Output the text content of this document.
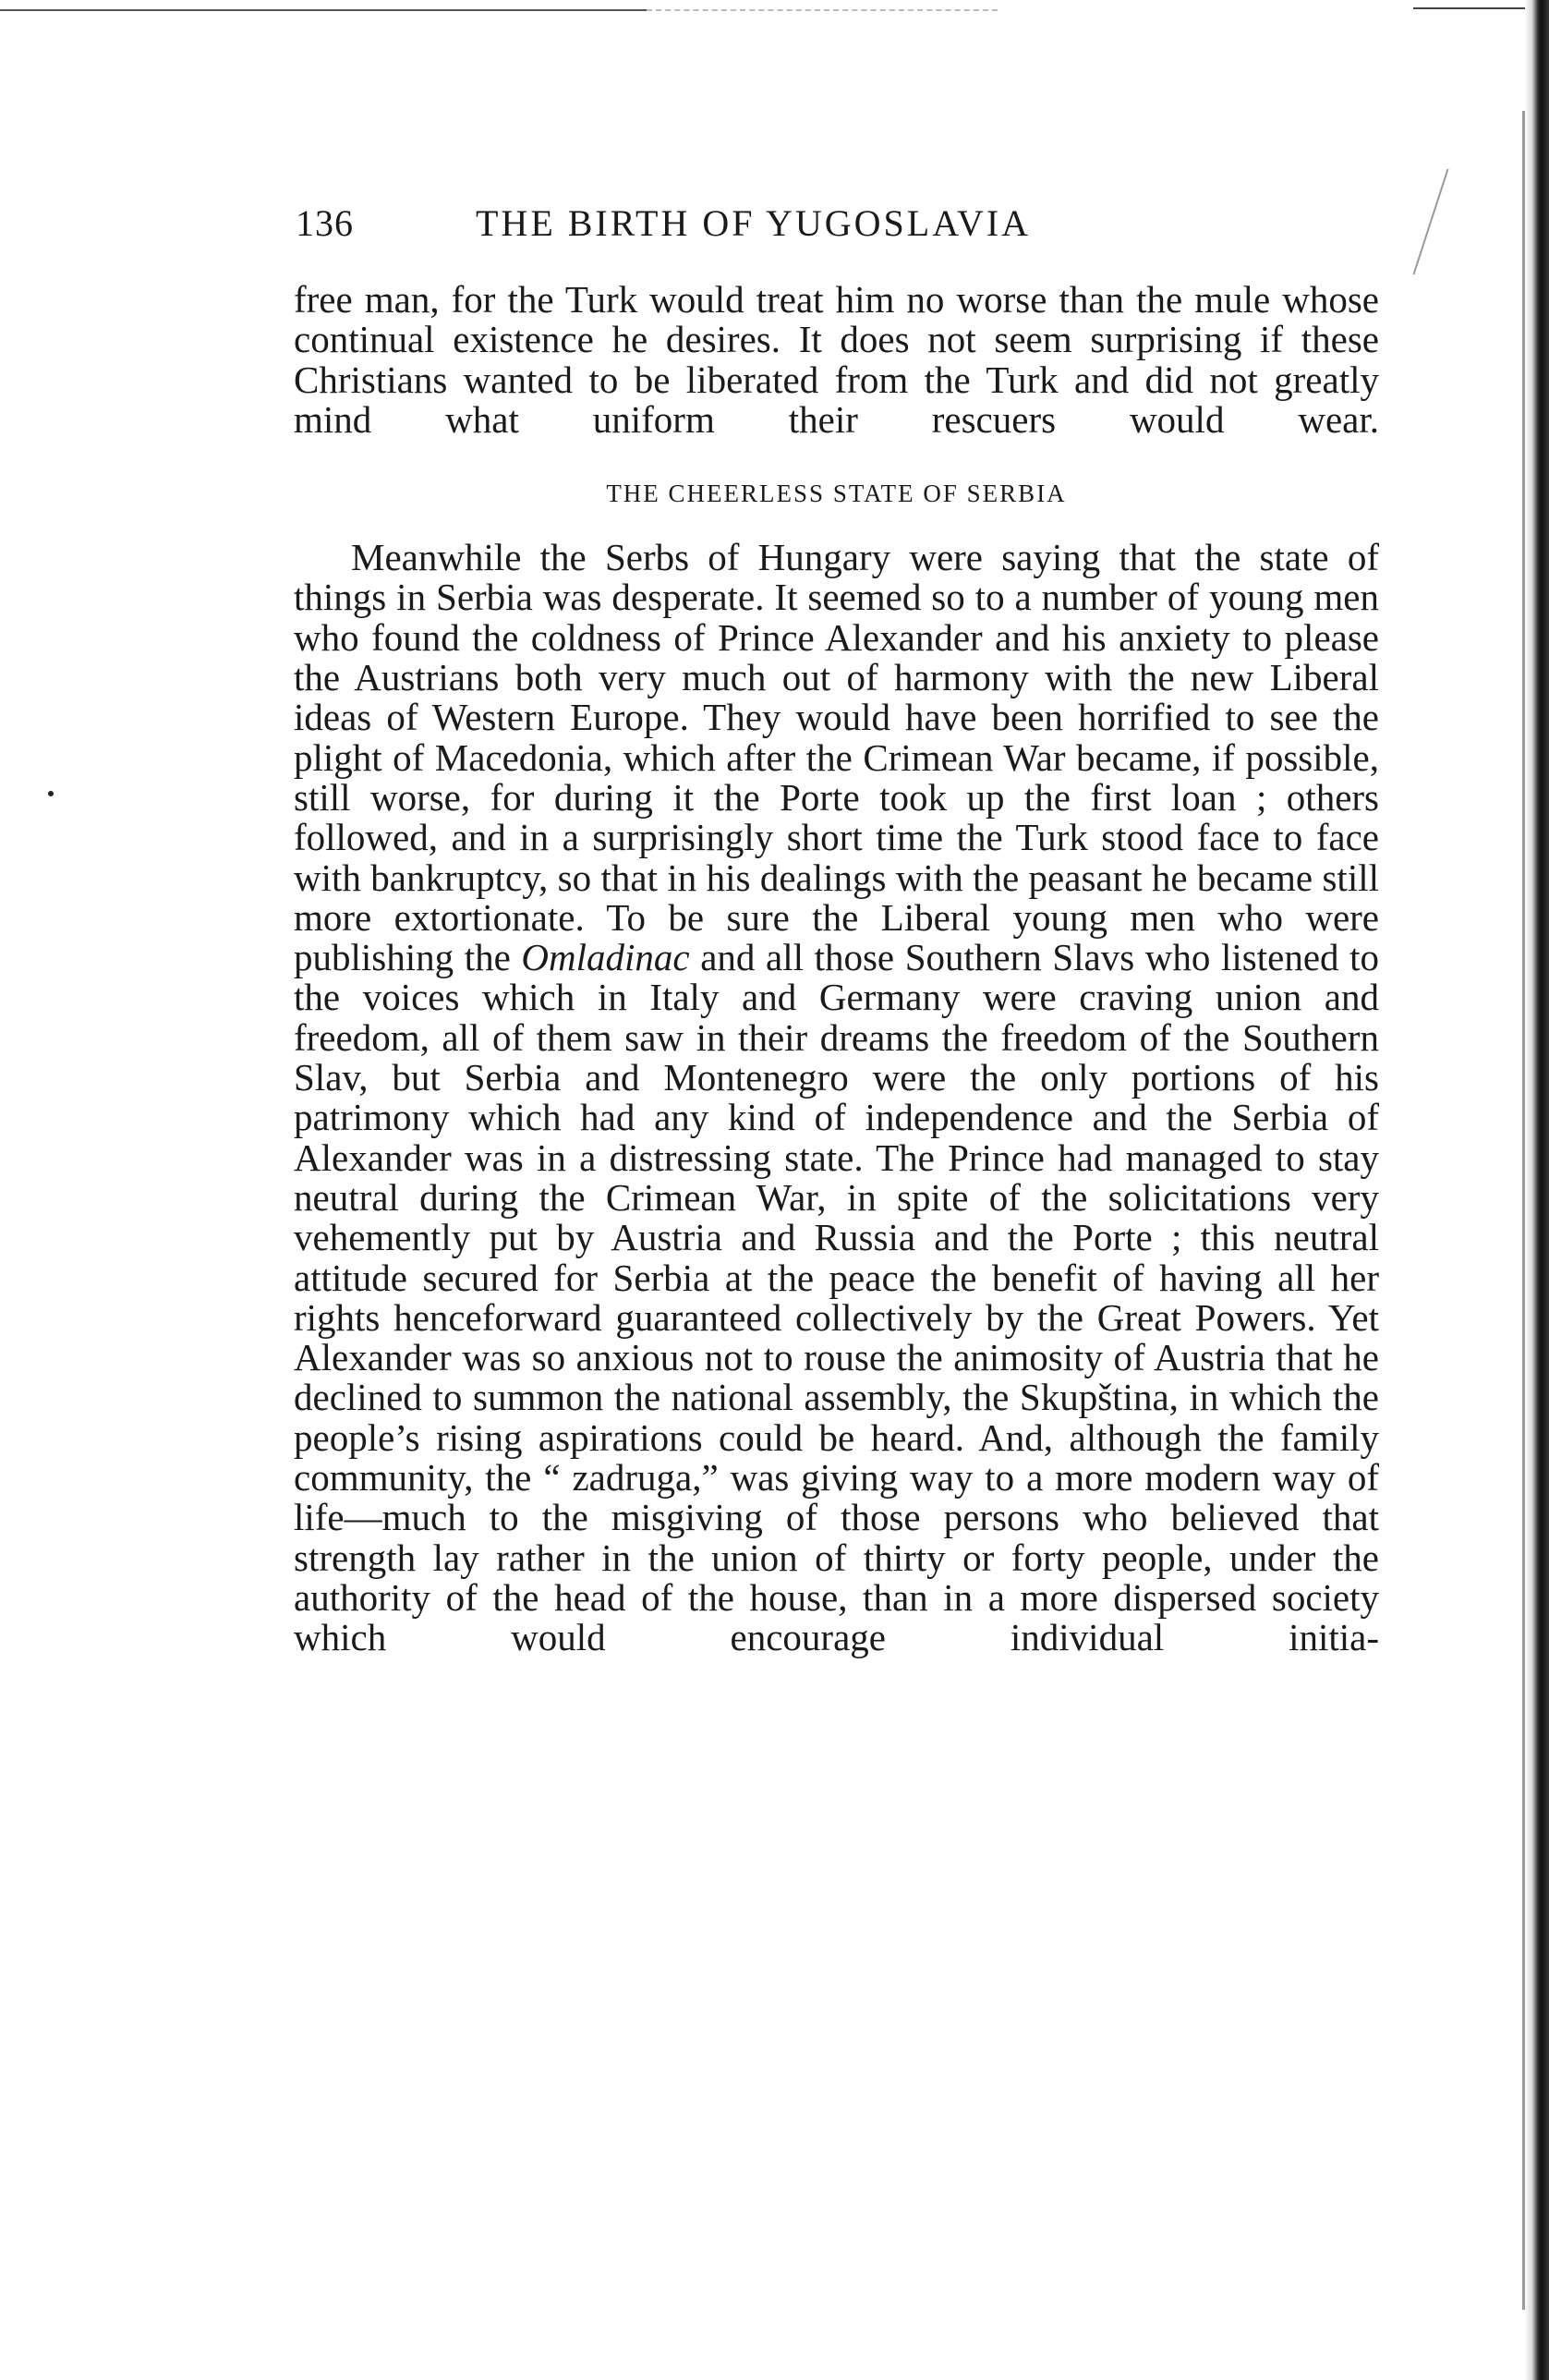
136	THE BIRTH OF YUGOSLAVIA

free man, for the Turk would treat him no worse than the mule whose continual existence he desires. It does not seem surprising if these Christians wanted to be liberated from the Turk and did not greatly mind what uniform their rescuers would wear.

THE CHEERLESS STATE OF SERBIA

Meanwhile the Serbs of Hungary were saying that the state of things in Serbia was desperate. It seemed so to a number of young men who found the coldness of Prince Alexander and his anxiety to please the Austrians both very much out of harmony with the new Liberal ideas of Western Europe. They would have been horrified to see the plight of Macedonia, which after the Crimean War became, if possible, still worse, for during it the Porte took up the first loan ; others followed, and in a surprisingly short time the Turk stood face to face with bankruptcy, so that in his dealings with the peasant he became still more extortionate. To be sure the Liberal young men who were publishing the Omladinac and all those Southern Slavs who listened to the voices which in Italy and Germany were craving union and freedom, all of them saw in their dreams the freedom of the Southern Slav, but Serbia and Montenegro were the only portions of his patrimony which had any kind of independence and the Serbia of Alexander was in a distressing state. The Prince had managed to stay neutral during the Crimean War, in spite of the solicitations very vehemently put by Austria and Russia and the Porte ; this neutral attitude secured for Serbia at the peace the benefit of having all her rights henceforward guaranteed collectively by the Great Powers. Yet Alexander was so anxious not to rouse the animosity of Austria that he declined to summon the national assembly, the Skupština, in which the people’s rising aspirations could be heard. And, although the family community, the “ zadruga,” was giving way to a more modern way of life—much to the misgiving of those persons who believed that strength lay rather in the union of thirty or forty people, under the authority of the head of the house, than in a more dispersed society which would encourage individual initia-
